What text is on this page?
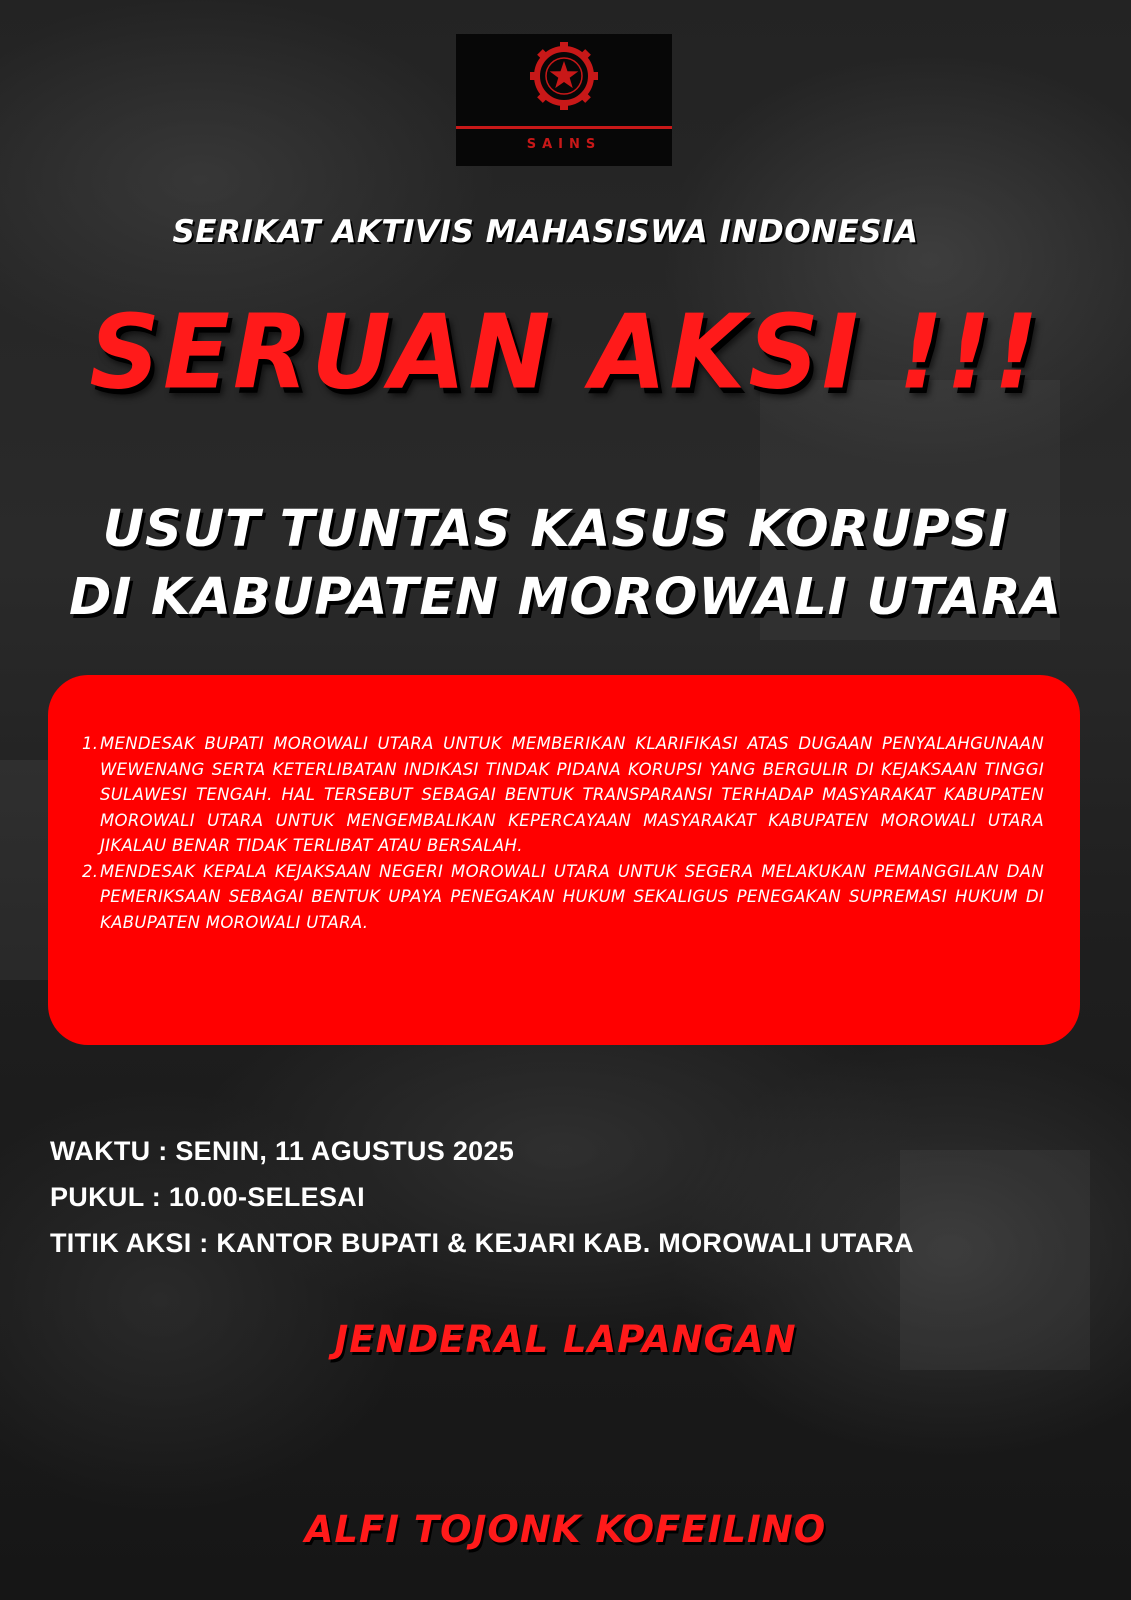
SAINS
SERIKAT AKTIVIS MAHASISWA INDONESIA
SERUAN AKSI !!!
USUT TUNTAS KASUS KORUPSI
DI KABUPATEN MOROWALI UTARA
1. MENDESAK BUPATI MOROWALI UTARA UNTUK MEMBERIKAN KLARIFIKASI ATAS DUGAAN PENYALAHGUNAAN WEWENANG SERTA KETERLIBATAN INDIKASI TINDAK PIDANA KORUPSI YANG BERGULIR DI KEJAKSAAN TINGGI SULAWESI TENGAH. HAL TERSEBUT SEBAGAI BENTUK TRANSPARANSI TERHADAP MASYARAKAT KABUPATEN MOROWALI UTARA UNTUK MENGEMBALIKAN KEPERCAYAAN MASYARAKAT KABUPATEN MOROWALI UTARA JIKALAU BENAR TIDAK TERLIBAT ATAU BERSALAH.
2. MENDESAK KEPALA KEJAKSAAN NEGERI MOROWALI UTARA UNTUK SEGERA MELAKUKAN PEMANGGILAN DAN PEMERIKSAAN SEBAGAI BENTUK UPAYA PENEGAKAN HUKUM SEKALIGUS PENEGAKAN SUPREMASI HUKUM DI KABUPATEN MOROWALI UTARA.
WAKTU : SENIN, 11 AGUSTUS 2025
PUKUL : 10.00-SELESAI
TITIK AKSI : KANTOR BUPATI & KEJARI KAB. MOROWALI UTARA
JENDERAL LAPANGAN
ALFI TOJONK KOFEILINO
